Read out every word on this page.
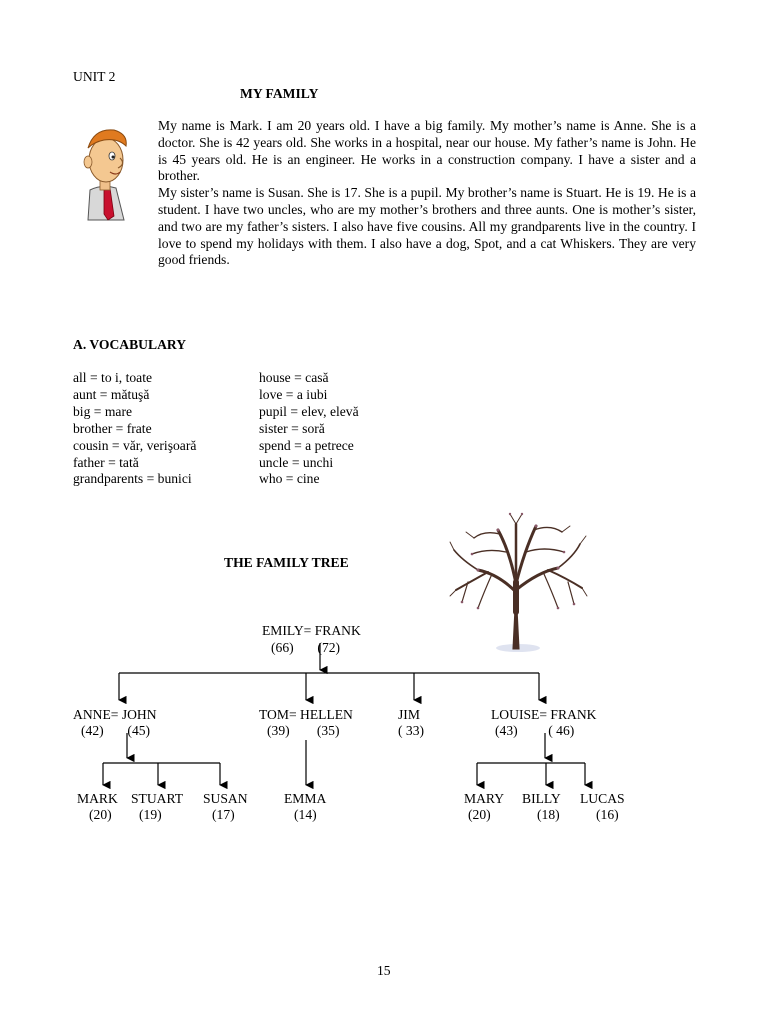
UNIT 2
MY FAMILY

My name is Mark. I am 20 years old. I have a big family. My mother’s name is Anne. She is a doctor. She is 42 years old. She works in a hospital, near our house. My father’s name is John. He is 45 years old. He is an engineer. He works in a construction company. I have a sister and a brother.

My sister’s name is Susan. She is 17. She is a pupil. My brother’s name is Stuart. He is 19. He is a student. I have two uncles, who are my mother’s brothers and three aunts. One is mother’s sister, and two are my father’s sisters. I also have five cousins. All my grandparents live in the country. I love to spend my holidays with them. I also have a dog, Spot, and a cat Whiskers. They are very good friends.

A. VOCABULARY
all = to i, toate
aunt = mătuşă
big = mare
brother = frate
cousin = văr, verişoară
father = tată
grandparents = bunici
house = casă
love = a iubi
pupil = elev, elevă
sister = soră
spend = a petrece
uncle = unchi
who = cine
THE FAMILY TREE
EMILY= FRANK
(66)       (72)
ANNE= JOHN
(42)       (45)
TOM= HELLEN
(39)        (35)
JIM
( 33)
LOUISE= FRANK
(43)         ( 46)
MARK
(20)
STUART
(19)
SUSAN
(17)
EMMA
(14)
MARY
(20)
BILLY
(18)
LUCAS
(16)
15
